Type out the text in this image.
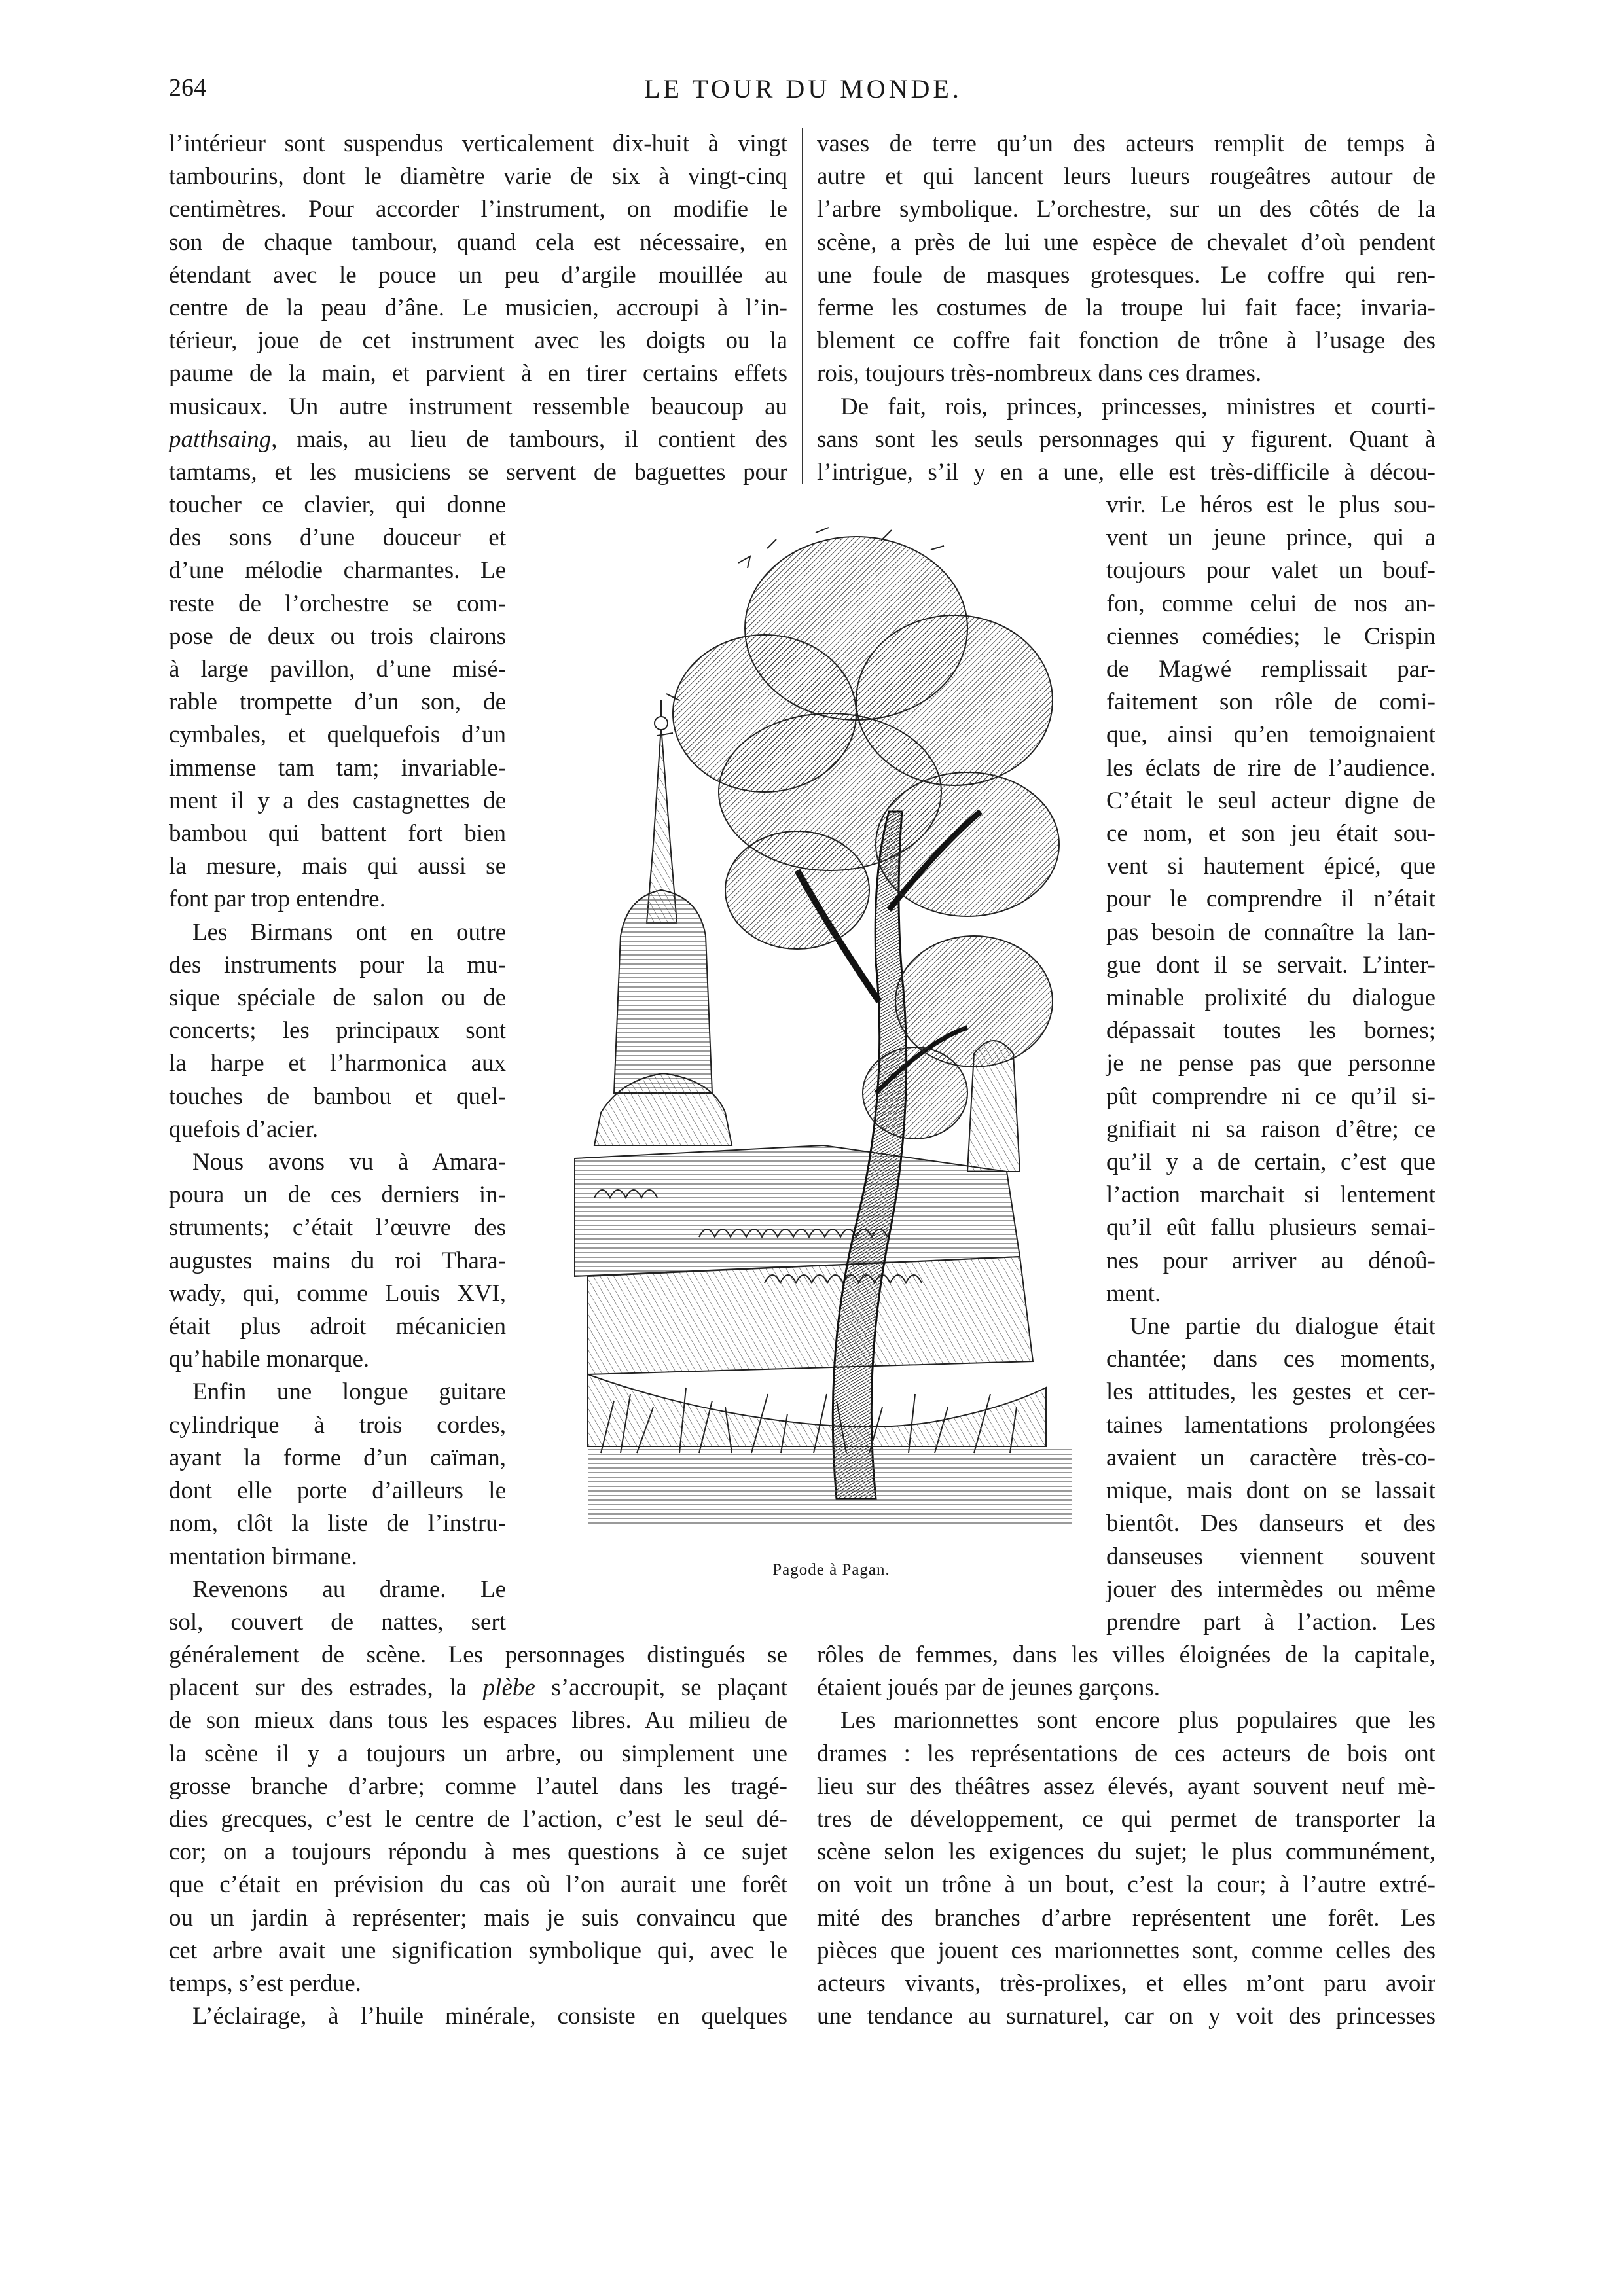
264	LE TOUR DU MONDE.
l’intérieur sont suspendus verticalement dix-huit à vingt
tambourins, dont le diamètre varie de six à vingt-cinq
centimètres. Pour accorder l’instrument, on modifie le
son de chaque tambour, quand cela est nécessaire, en
étendant avec le pouce un peu d’argile mouillée au
centre de la peau d’âne. Le musicien, accroupi à l’in-
térieur, joue de cet instrument avec les doigts ou la
paume de la main, et parvient à en tirer certains effets
musicaux. Un autre instrument ressemble beaucoup au
patthsaing, mais, au lieu de tambours, il contient des
tamtams, et les musiciens se servent de baguettes pour
toucher ce clavier, qui donne
des sons d’une douceur et
d’une mélodie charmantes. Le
reste de l’orchestre se com-
pose de deux ou trois clairons
à large pavillon, d’une misé-
rable trompette d’un son, de
cymbales, et quelquefois d’un
immense tam tam; invariable-
ment il y a des castagnettes de
bambou qui battent fort bien
la mesure, mais qui aussi se
font par trop entendre.
Les Birmans ont en outre
des instruments pour la mu-
sique spéciale de salon ou de
concerts; les principaux sont
la harpe et l’harmonica aux
touches de bambou et quel-
quefois d’acier.
Nous avons vu à Amara-
poura un de ces derniers in-
struments; c’était l’œuvre des
augustes mains du roi Thara-
wady, qui, comme Louis XVI,
était plus adroit mécanicien
qu’habile monarque.
Enfin une longue guitare
cylindrique à trois cordes,
ayant la forme d’un caïman,
dont elle porte d’ailleurs le
nom, clôt la liste de l’instru-
mentation birmane.
Revenons au drame. Le
sol, couvert de nattes, sert
généralement de scène. Les personnages distingués se
placent sur des estrades, la plèbe s’accroupit, se plaçant
de son mieux dans tous les espaces libres. Au milieu de
la scène il y a toujours un arbre, ou simplement une
grosse branche d’arbre; comme l’autel dans les tragé-
dies grecques, c’est le centre de l’action, c’est le seul dé-
cor; on a toujours répondu à mes questions à ce sujet
que c’était en prévision du cas où l’on aurait une forêt
ou un jardin à représenter; mais je suis convaincu que
cet arbre avait une signification symbolique qui, avec le
temps, s’est perdue.
L’éclairage, à l’huile minérale, consiste en quelques
vases de terre qu’un des acteurs remplit de temps à
autre et qui lancent leurs lueurs rougeâtres autour de
l’arbre symbolique. L’orchestre, sur un des côtés de la
scène, a près de lui une espèce de chevalet d’où pendent
une foule de masques grotesques. Le coffre qui ren-
ferme les costumes de la troupe lui fait face; invaria-
blement ce coffre fait fonction de trône à l’usage des
rois, toujours très-nombreux dans ces drames.
De fait, rois, princes, princesses, ministres et courti-
sans sont les seuls personnages qui y figurent. Quant à
l’intrigue, s’il y en a une, elle est très-difficile à décou-
vrir. Le héros est le plus sou-
vent un jeune prince, qui a
toujours pour valet un bouf-
fon, comme celui de nos an-
ciennes comédies; le Crispin
de Magwé remplissait par-
faitement son rôle de comi-
que, ainsi qu’en temoignaient
les éclats de rire de l’audience.
C’était le seul acteur digne de
ce nom, et son jeu était sou-
vent si hautement épicé, que
pour le comprendre il n’était
pas besoin de connaître la lan-
gue dont il se servait. L’inter-
minable prolixité du dialogue
dépassait toutes les bornes;
je ne pense pas que personne
pût comprendre ni ce qu’il si-
gnifiait ni sa raison d’être; ce
qu’il y a de certain, c’est que
l’action marchait si lentement
qu’il eût fallu plusieurs semai-
nes pour arriver au dénoû-
ment.
Une partie du dialogue était
chantée; dans ces moments,
les attitudes, les gestes et cer-
taines lamentations prolongées
avaient un caractère très-co-
mique, mais dont on se lassait
bientôt. Des danseurs et des
danseuses viennent souvent
jouer des intermèdes ou même
prendre part à l’action. Les
rôles de femmes, dans les villes éloignées de la capitale,
étaient joués par de jeunes garçons.
Les marionnettes sont encore plus populaires que les
drames : les représentations de ces acteurs de bois ont
lieu sur des théâtres assez élevés, ayant souvent neuf mè-
tres de développement, ce qui permet de transporter la
scène selon les exigences du sujet; le plus communément,
on voit un trône à un bout, c’est la cour; à l’autre extré-
mité des branches d’arbre représentent une forêt. Les
pièces que jouent ces marionnettes sont, comme celles des
acteurs vivants, très-prolixes, et elles m’ont paru avoir
une tendance au surnaturel, car on y voit des princesses
Pagode à Pagan.
